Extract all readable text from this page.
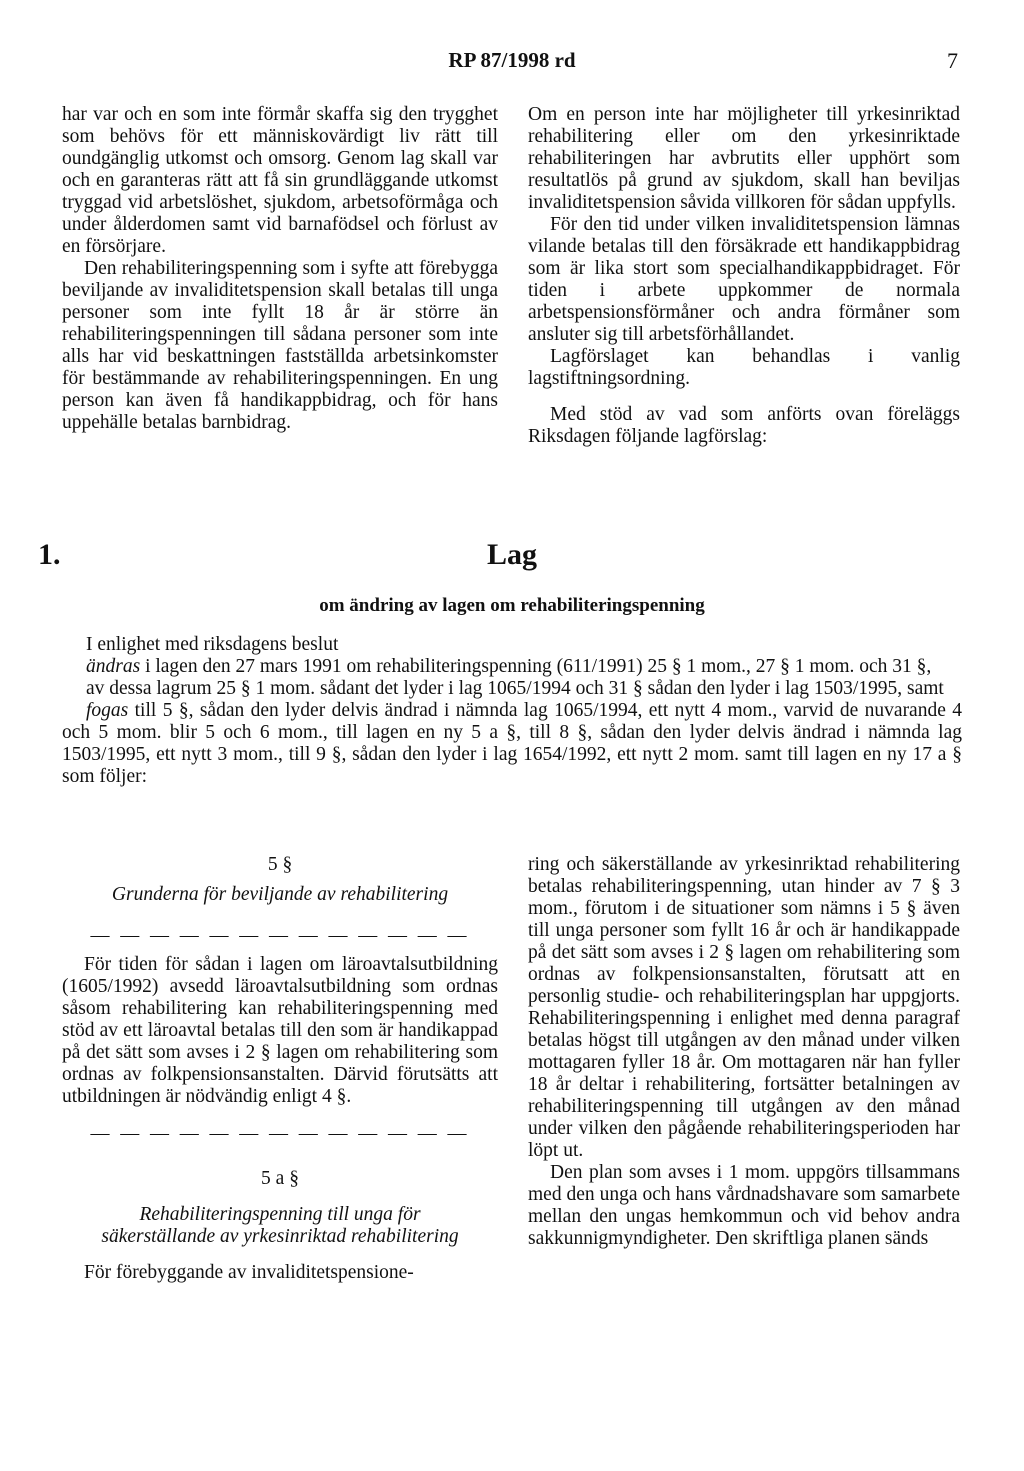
RP 87/1998 rd	7

har var och en som inte förmår skaffa sig den trygghet som behövs för ett människovärdigt liv rätt till oundgänglig utkomst och omsorg. Genom lag skall var och en garanteras rätt att få sin grundläggande utkomst tryggad vid arbetslöshet, sjukdom, arbetsoförmåga och under ålderdomen samt vid barnafödsel och förlust av en försörjare.

Den rehabiliteringspenning som i syfte att förebygga beviljande av invaliditetspension skall betalas till unga personer som inte fyllt 18 år är större än rehabiliteringspenningen till sådana personer som inte alls har vid beskattningen fastställda arbetsinkomster för bestämmande av rehabiliteringspenningen. En ung person kan även få handikappbidrag, och för hans uppehälle betalas barnbidrag.

Om en person inte har möjligheter till yrkesinriktad rehabilitering eller om den yrkesinriktade rehabiliteringen har avbrutits eller upphört som resultatlös på grund av sjukdom, skall han beviljas invaliditetspension såvida villkoren för sådan uppfylls.

För den tid under vilken invaliditetspension lämnas vilande betalas till den försäkrade ett handikappbidrag som är lika stort som specialhandikappbidraget. För tiden i arbete uppkommer de normala arbetspensionsförmåner och andra förmåner som ansluter sig till arbetsförhållandet.

Lagförslaget kan behandlas i vanlig lagstiftningsordning.

Med stöd av vad som anförts ovan föreläggs Riksdagen följande lagförslag:

1.	Lag
om ändring av lagen om rehabiliteringspenning

I enlighet med riksdagens beslut

ändras i lagen den 27 mars 1991 om rehabiliteringspenning (611/1991) 25 § 1 mom., 27 § 1 mom. och 31 §,

av dessa lagrum 25 § 1 mom. sådant det lyder i lag 1065/1994 och 31 § sådan den lyder i lag 1503/1995, samt

fogas till 5 §, sådan den lyder delvis ändrad i nämnda lag 1065/1994, ett nytt 4 mom., varvid de nuvarande 4 och 5 mom. blir 5 och 6 mom., till lagen en ny 5 a §, till 8 §, sådan den lyder delvis ändrad i nämnda lag 1503/1995, ett nytt 3 mom., till 9 §, sådan den lyder i lag 1654/1992, ett nytt 2 mom. samt till lagen en ny 17 a § som följer:

5 §

Grunderna för beviljande av rehabilitering

— — — — — — — — — — — — —

För tiden för sådan i lagen om läroavtalsutbildning (1605/1992) avsedd läroavtalsutbildning som ordnas såsom rehabilitering kan rehabiliteringspenning med stöd av ett läroavtal betalas till den som är handikappad på det sätt som avses i 2 § lagen om rehabilitering som ordnas av folkpensionsanstalten. Därvid förutsätts att utbildningen är nödvändig enligt 4 §.

— — — — — — — — — — — — —

5 a §

Rehabiliteringspenning till unga för

säkerställande av yrkesinriktad rehabilitering

För förebyggande av invaliditetspensione-

ring och säkerställande av yrkesinriktad rehabilitering betalas rehabiliteringspenning, utan hinder av 7 § 3 mom., förutom i de situationer som nämns i 5 § även till unga personer som fyllt 16 år och är handikappade på det sätt som avses i 2 § lagen om rehabilitering som ordnas av folkpensionsanstalten, förutsatt att en personlig studie- och rehabiliteringsplan har uppgjorts. Rehabiliteringspenning i enlighet med denna paragraf betalas högst till utgången av den månad under vilken mottagaren fyller 18 år. Om mottagaren när han fyller 18 år deltar i rehabilitering, fortsätter betalningen av rehabiliteringspenning till utgången av den månad under vilken den pågående rehabiliteringsperioden har löpt ut.

Den plan som avses i 1 mom. uppgörs tillsammans med den unga och hans vårdnadshavare som samarbete mellan den ungas hemkommun och vid behov andra sakkunnigmyndigheter. Den skriftliga planen sänds
